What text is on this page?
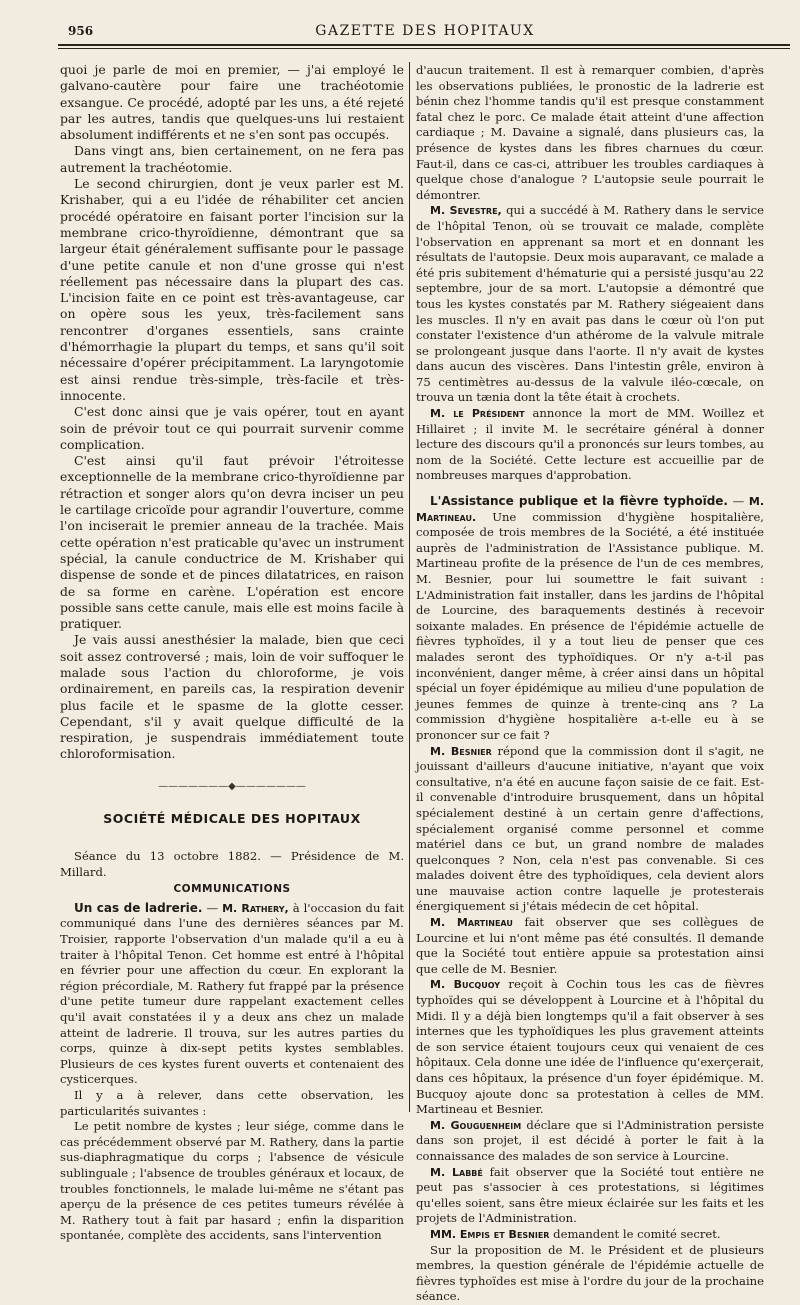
956	GAZETTE DES HOPITAUX

quoi je parle de moi en premier, — j'ai employé le galvano-cautère pour faire une trachéotomie exsangue. Ce procédé, adopté par les uns, a été rejeté par les autres, tandis que quelques-uns lui restaient absolument indifférents et ne s'en sont pas occupés.

Dans vingt ans, bien certainement, on ne fera pas autrement la trachéotomie.

Le second chirurgien, dont je veux parler est M. Krishaber, qui a eu l'idée de réhabiliter cet ancien procédé opératoire en faisant porter l'incision sur la membrane crico-thyroïdienne, démontrant que sa largeur était généralement suffisante pour le passage d'une petite canule et non d'une grosse qui n'est réellement pas nécessaire dans la plupart des cas. L'incision faite en ce point est très-avantageuse, car on opère sous les yeux, très-facilement sans rencontrer d'organes essentiels, sans crainte d'hémorrhagie la plupart du temps, et sans qu'il soit nécessaire d'opérer précipitamment. La laryngotomie est ainsi rendue très-simple, très-facile et très-innocente.

C'est donc ainsi que je vais opérer, tout en ayant soin de prévoir tout ce qui pourrait survenir comme complication.

C'est ainsi qu'il faut prévoir l'étroitesse exceptionnelle de la membrane crico-thyroïdienne par rétraction et songer alors qu'on devra inciser un peu le cartilage cricoïde pour agrandir l'ouverture, comme l'on inciserait le premier anneau de la trachée. Mais cette opération n'est praticable qu'avec un instrument spécial, la canule conductrice de M. Krishaber qui dispense de sonde et de pinces dilatatrices, en raison de sa forme en carène. L'opération est encore possible sans cette canule, mais elle est moins facile à pratiquer.

Je vais aussi anesthésier la malade, bien que ceci soit assez controversé ; mais, loin de voir suffoquer le malade sous l'action du chloroforme, je vois ordinairement, en pareils cas, la respiration devenir plus facile et le spasme de la glotte cesser. Cependant, s'il y avait quelque difficulté de la respiration, je suspendrais immédiatement toute chloroformisation.

———————◆———————
SOCIÉTÉ MÉDICALE DES HOPITAUX

Séance du 13 octobre 1882. — Présidence de M. Millard.

COMMUNICATIONS

Un cas de ladrerie. — M. Rathery, à l'occasion du fait communiqué dans l'une des dernières séances par M. Troisier, rapporte l'observation d'un malade qu'il a eu à traiter à l'hôpital Tenon. Cet homme est entré à l'hôpital en février pour une affection du cœur. En explorant la région précordiale, M. Rathery fut frappé par la présence d'une petite tumeur dure rappelant exactement celles qu'il avait constatées il y a deux ans chez un malade atteint de ladrerie. Il trouva, sur les autres parties du corps, quinze à dix-sept petits kystes semblables. Plusieurs de ces kystes furent ouverts et contenaient des cysticerques.

Il y a à relever, dans cette observation, les particularités suivantes :

Le petit nombre de kystes ; leur siége, comme dans le cas précédemment observé par M. Rathery, dans la partie sus-diaphragmatique du corps ; l'absence de vésicule sublinguale ; l'absence de troubles généraux et locaux, de troubles fonctionnels, le malade lui-même ne s'étant pas aperçu de la présence de ces petites tumeurs révélée à M. Rathery tout à fait par hasard ; enfin la disparition spontanée, complète des accidents, sans l'intervention

d'aucun traitement. Il est à remarquer combien, d'après les observations publiées, le pronostic de la ladrerie est bénin chez l'homme tandis qu'il est presque constamment fatal chez le porc. Ce malade était atteint d'une affection cardiaque ; M. Davaine a signalé, dans plusieurs cas, la présence de kystes dans les fibres charnues du cœur. Faut-il, dans ce cas-ci, attribuer les troubles cardiaques à quelque chose d'analogue ? L'autopsie seule pourrait le démontrer.

M. Sevestre, qui a succédé à M. Rathery dans le service de l'hôpital Tenon, où se trouvait ce malade, complète l'observation en apprenant sa mort et en donnant les résultats de l'autopsie. Deux mois auparavant, ce malade a été pris subitement d'hématurie qui a persisté jusqu'au 22 septembre, jour de sa mort. L'autopsie a démontré que tous les kystes constatés par M. Rathery siégeaient dans les muscles. Il n'y en avait pas dans le cœur où l'on put constater l'existence d'un athérome de la valvule mitrale se prolongeant jusque dans l'aorte. Il n'y avait de kystes dans aucun des viscères. Dans l'intestin grêle, environ à 75 centimètres au-dessus de la valvule iléo-cœcale, on trouva un tænia dont la tête était à crochets.

M. le Président annonce la mort de MM. Woillez et Hillairet ; il invite M. le secrétaire général à donner lecture des discours qu'il a prononcés sur leurs tombes, au nom de la Société. Cette lecture est accueillie par de nombreuses marques d'approbation.

L'Assistance publique et la fièvre typhoïde. — M. Martineau. Une commission d'hygiène hospitalière, composée de trois membres de la Société, a été instituée auprès de l'administration de l'Assistance publique. M. Martineau profite de la présence de l'un de ces membres, M. Besnier, pour lui soumettre le fait suivant : L'Administration fait installer, dans les jardins de l'hôpital de Lourcine, des baraquements destinés à recevoir soixante malades. En présence de l'épidémie actuelle de fièvres typhoïdes, il y a tout lieu de penser que ces malades seront des typhoïdiques. Or n'y a-t-il pas inconvénient, danger même, à créer ainsi dans un hôpital spécial un foyer épidémique au milieu d'une population de jeunes femmes de quinze à trente-cinq ans ? La commission d'hygiène hospitalière a-t-elle eu à se prononcer sur ce fait ?

M. Besnier répond que la commission dont il s'agit, ne jouissant d'ailleurs d'aucune initiative, n'ayant que voix consultative, n'a été en aucune façon saisie de ce fait. Est-il convenable d'introduire brusquement, dans un hôpital spécialement destiné à un certain genre d'affections, spécialement organisé comme personnel et comme matériel dans ce but, un grand nombre de malades quelconques ? Non, cela n'est pas convenable. Si ces malades doivent être des typhoïdiques, cela devient alors une mauvaise action contre laquelle je protesterais énergiquement si j'étais médecin de cet hôpital.

M. Martineau fait observer que ses collègues de Lourcine et lui n'ont même pas été consultés. Il demande que la Société tout entière appuie sa protestation ainsi que celle de M. Besnier.

M. Bucquoy reçoit à Cochin tous les cas de fièvres typhoïdes qui se développent à Lourcine et à l'hôpital du Midi. Il y a déjà bien longtemps qu'il a fait observer à ses internes que les typhoïdiques les plus gravement atteints de son service étaient toujours ceux qui venaient de ces hôpitaux. Cela donne une idée de l'influence qu'exerçerait, dans ces hôpitaux, la présence d'un foyer épidémique. M. Bucquoy ajoute donc sa protestation à celles de MM. Martineau et Besnier.

M. Gouguenheim déclare que si l'Administration persiste dans son projet, il est décidé à porter le fait à la connaissance des malades de son service à Lourcine.

M. Labbé fait observer que la Société tout entière ne peut pas s'associer à ces protestations, si légitimes qu'elles soient, sans être mieux éclairée sur les faits et les projets de l'Administration.

MM. Empis et Besnier demandent le comité secret.

Sur la proposition de M. le Président et de plusieurs membres, la question générale de l'épidémie actuelle de fièvres typhoïdes est mise à l'ordre du jour de la prochaine séance.
